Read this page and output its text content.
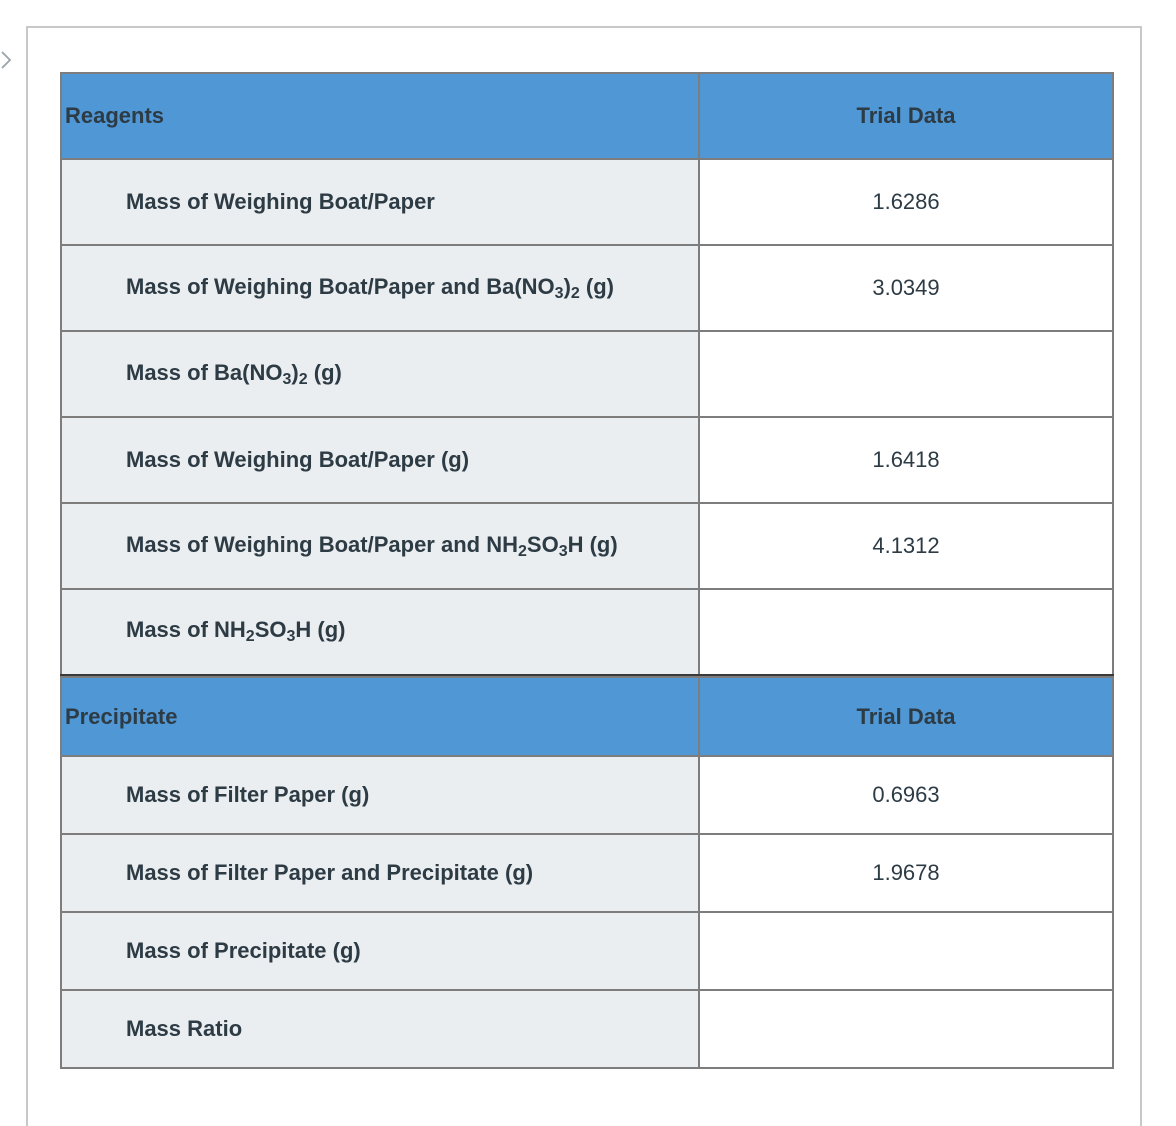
Reagents	Trial Data
Mass of Weighing Boat/Paper	1.6286
Mass of Weighing Boat/Paper and Ba(NO3)2 (g)	3.0349
Mass of Ba(NO3)2 (g)	
Mass of Weighing Boat/Paper (g)	1.6418
Mass of Weighing Boat/Paper and NH2SO3H (g)	4.1312
Mass of NH2SO3H (g)	
Precipitate	Trial Data
Mass of Filter Paper (g)	0.6963
Mass of Filter Paper and Precipitate (g)	1.9678
Mass of Precipitate (g)	
Mass Ratio	
